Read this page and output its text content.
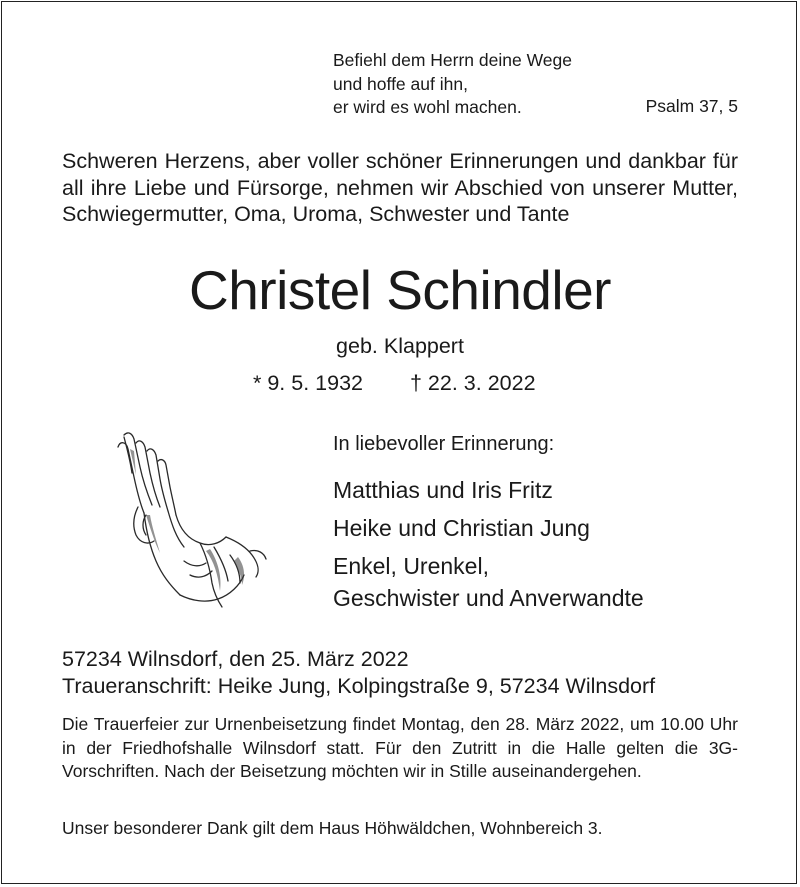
Befiehl dem Herrn deine Wege
und hoffe auf ihn,
er wird es wohl machen.	Psalm 37, 5
Schweren Herzens, aber voller schöner Erinnerungen und dankbar für all ihre Liebe und Fürsorge, nehmen wir Abschied von unserer Mutter, Schwiegermutter, Oma, Uroma, Schwester und Tante
Christel Schindler
geb. Klappert
* 9. 5. 1932 † 22. 3. 2022
In liebevoller Erinnerung:
Matthias und Iris Fritz
Heike und Christian Jung
Enkel, Urenkel,
Geschwister und Anverwandte
57234 Wilnsdorf, den 25. März 2022
Traueranschrift: Heike Jung, Kolpingstraße 9, 57234 Wilnsdorf
Die Trauerfeier zur Urnenbeisetzung findet Montag, den 28. März 2022, um 10.00 Uhr in der Friedhofshalle Wilnsdorf statt. Für den Zutritt in die Halle gelten die 3G-Vorschriften. Nach der Beisetzung möchten wir in Stille auseinandergehen.
Unser besonderer Dank gilt dem Haus Höhwäldchen, Wohnbereich 3.
